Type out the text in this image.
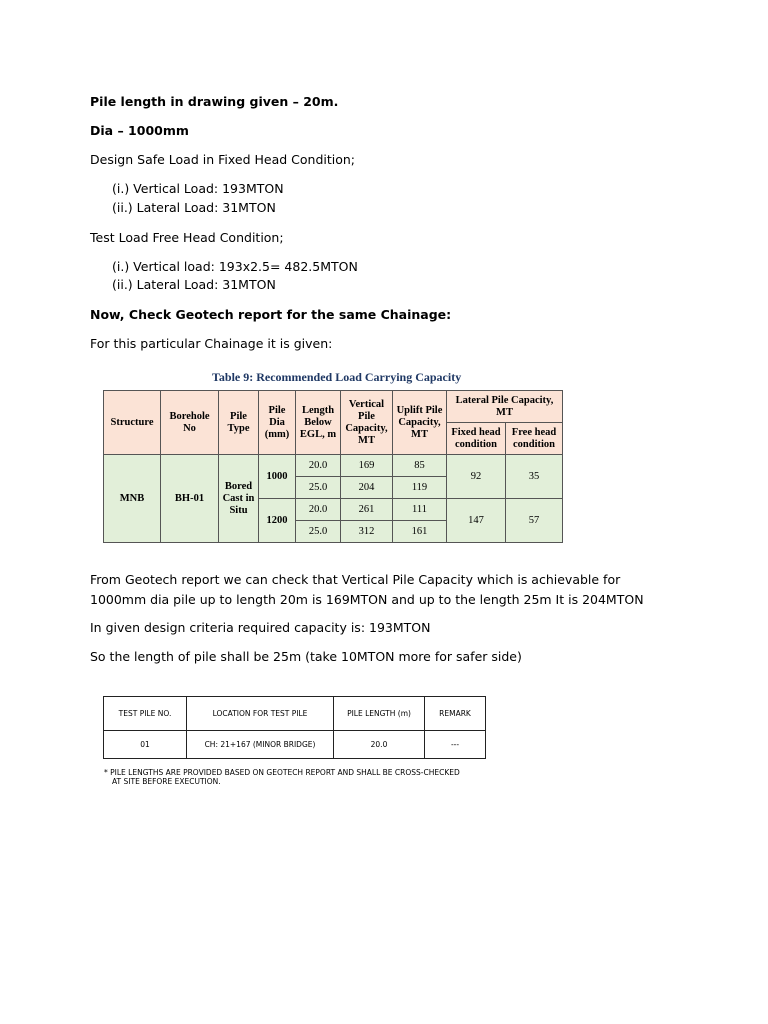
Pile length in drawing given – 20m.
Dia – 1000mm
Design Safe Load in Fixed Head Condition;
(i.) Vertical Load: 193MTON
(ii.) Lateral Load: 31MTON
Test Load Free Head Condition;
(i.) Vertical load: 193x2.5= 482.5MTON
(ii.) Lateral Load: 31MTON
Now, Check Geotech report for the same Chainage:
For this particular Chainage it is given:
Table 9: Recommended Load Carrying Capacity
Structure	Borehole No	Pile Type	Pile Dia (mm)	Length Below EGL, m	Vertical Pile Capacity, MT	Uplift Pile Capacity, MT	Lateral Pile Capacity, MT	
							Fixed head condition	Free head condition
MNB	BH-01	Bored Cast in Situ	1000	20.0	169	85	92	35
				25.0	204	119		
			1200	20.0	261	111	147	57
				25.0	312	161		
From Geotech report we can check that Vertical Pile Capacity which is achievable for 1000mm dia pile up to length 20m is 169MTON and up to the length 25m It is 204MTON
In given design criteria required capacity is: 193MTON
So the length of pile shall be 25m (take 10MTON more for safer side)
TEST PILE NO.	LOCATION FOR TEST PILE	PILE LENGTH (m)	REMARK
01	CH: 21+167 (MINOR BRIDGE)	20.0	---
* PILE LENGTHS ARE PROVIDED BASED ON GEOTECH REPORT AND SHALL BE CROSS-CHECKED
AT SITE BEFORE EXECUTION.
